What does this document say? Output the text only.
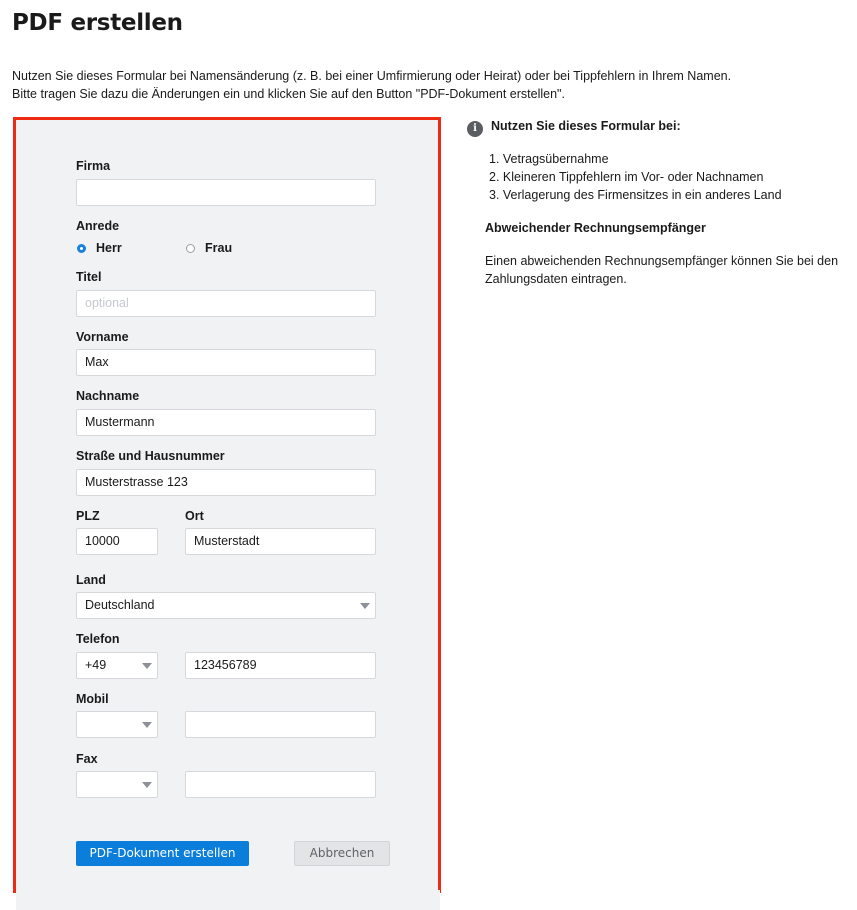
PDF erstellen
Nutzen Sie dieses Formular bei Namensänderung (z. B. bei einer Umfirmierung oder Heirat) oder bei Tippfehlern in Ihrem Namen.
Bitte tragen Sie dazu die Änderungen ein und klicken Sie auf den Button "PDF-Dokument erstellen".
Firma
Anrede
Herr	Frau
Titel
optional
Vorname
Max
Nachname
Mustermann
Straße und Hausnummer
Musterstrasse 123
PLZ
10000
Ort
Musterstadt
Land
Deutschland
Telefon
+49	123456789
Mobil
Fax
PDF-Dokument erstellen	Abbrechen
i	Nutzen Sie dieses Formular bei:
1. Vetragsübernahme
2. Kleineren Tippfehlern im Vor- oder Nachnamen
3. Verlagerung des Firmensitzes in ein anderes Land
Abweichender Rechnungsempfänger
Einen abweichenden Rechnungsempfänger können Sie bei den
Zahlungsdaten eintragen.
